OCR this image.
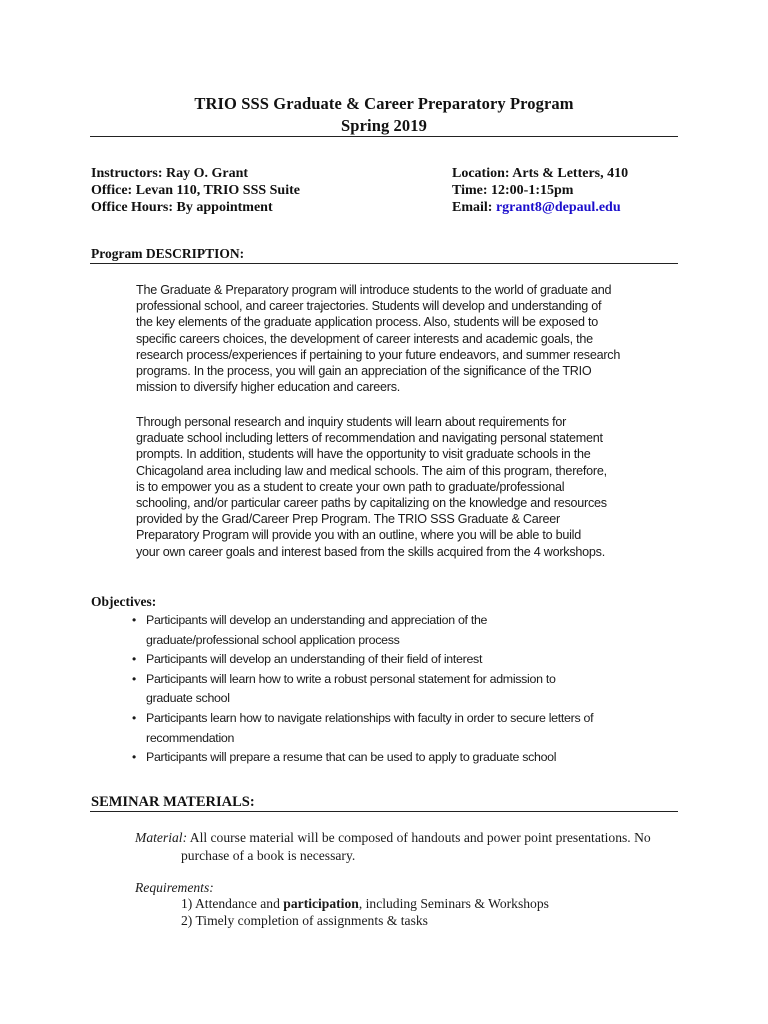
TRIO SSS Graduate & Career Preparatory Program
Spring 2019
Instructors: Ray O. Grant
Office: Levan 110, TRIO SSS Suite
Office Hours: By appointment
Location: Arts & Letters, 410
Time: 12:00-1:15pm
Email: rgrant8@depaul.edu
Program DESCRIPTION:
The Graduate & Preparatory program will introduce students to the world of graduate and
professional school, and career trajectories. Students will develop and understanding of
the key elements of the graduate application process. Also, students will be exposed to
specific careers choices, the development of career interests and academic goals, the
research process/experiences if pertaining to your future endeavors, and summer research
programs. In the process, you will gain an appreciation of the significance of the TRIO
mission to diversify higher education and careers.
Through personal research and inquiry students will learn about requirements for
graduate school including letters of recommendation and navigating personal statement
prompts. In addition, students will have the opportunity to visit graduate schools in the
Chicagoland area including law and medical schools. The aim of this program, therefore,
is to empower you as a student to create your own path to graduate/professional
schooling, and/or particular career paths by capitalizing on the knowledge and resources
provided by the Grad/Career Prep Program. The TRIO SSS Graduate & Career
Preparatory Program will provide you with an outline, where you will be able to build
your own career goals and interest based from the skills acquired from the 4 workshops.
Objectives:
• Participants will develop an understanding and appreciation of the
graduate/professional school application process
• Participants will develop an understanding of their field of interest
• Participants will learn how to write a robust personal statement for admission to
graduate school
• Participants learn how to navigate relationships with faculty in order to secure letters of
recommendation
• Participants will prepare a resume that can be used to apply to graduate school
SEMINAR MATERIALS:
Material: All course material will be composed of handouts and power point presentations. No
purchase of a book is necessary.
Requirements:
1) Attendance and participation, including Seminars & Workshops
2) Timely completion of assignments & tasks
